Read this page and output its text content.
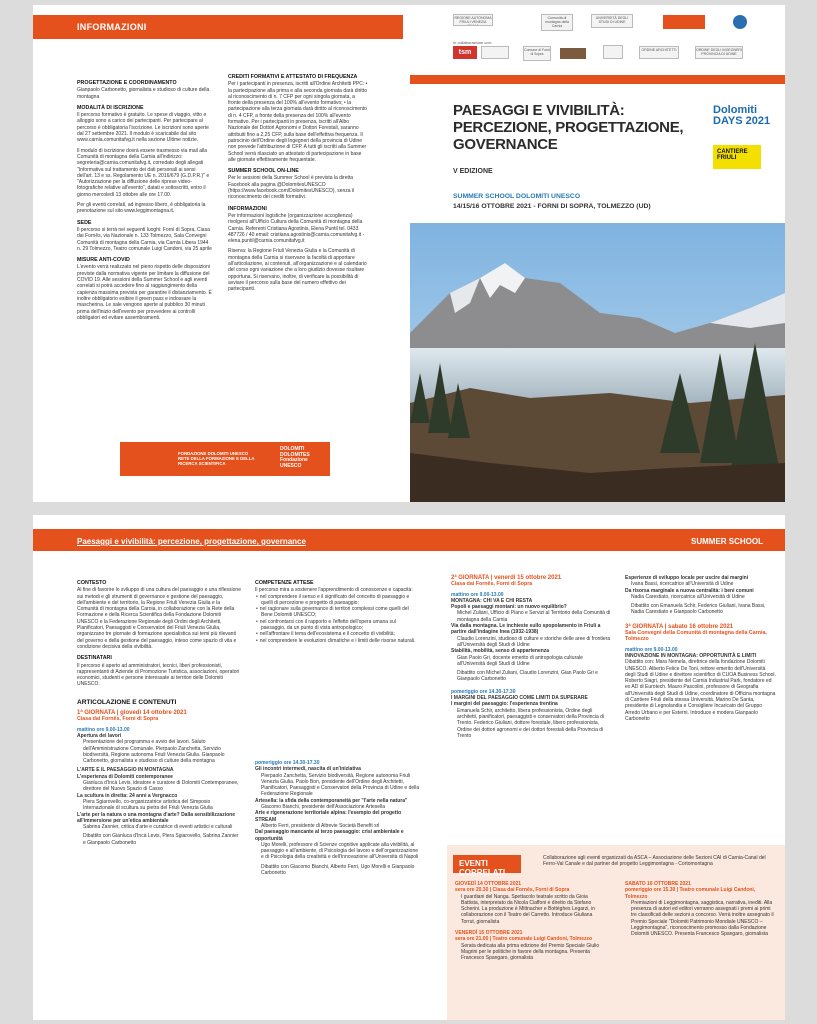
INFORMAZIONI
PROGETTAZIONE E COORDINAMENTO
Gianpaolo Carbonetto, giornalista e studioso di culture della montagna
MODALITÀ DI ISCRIZIONE
Il percorso formativo è gratuito. Le spese di viaggio, vitto e alloggio sono a carico dei partecipanti. Per partecipare al percorso è obbligatoria l'iscrizione. Le iscrizioni sono aperte dal 27 settembre 2021. Il modulo è scaricabile dal sito www.carnia.comunitafvg.it nella sezione Ultime notizie.
Il modulo di iscrizione dovrà essere trasmesso via mail alla Comunità di montagna della Carnia all'indirizzo: segreteria@carnia.comunitafvg.it, corredato degli allegati "Informativa sul trattamento dei dati personali ai sensi dell'art. 13 e ss. Regolamento UE n. 2016/679 (G.D.P.R.)" e "Autorizzazione per la diffusione delle riprese video-fotografiche relative all'evento", datati e sottoscritti, entro il giorno mercoledì 13 ottobre alle ore 17.00.
Per gli eventi correlati, ad ingresso libero, è obbligatoria la prenotazione sul sito www.leggimontagna.it.
SEDE
Il percorso si terrà nei seguenti luoghi: Forni di Sopra, Ciasa dai Fornês, via Nazionale n. 133 Tolmezzo, Sala Convegni Comunità di montagna della Carnia, via Carnia Libera 1944 n. 29 Tolmezzo, Teatro comunale Luigi Candoni, via 25 aprile
MISURE ANTI-COVID
L'evento verrà realizzato nel pieno rispetto delle disposizioni previste dalla normativa vigente per limitare la diffusione del COVID 19. Alle sessioni della Summer School e agli eventi correlati si potrà accedere fino al raggiungimento della capienza massima prevista per garantire il distanziamento. È inoltre obbligatorio esibire il green pass e indossare la mascherina. Le sale vengono aperte al pubblico 30 minuti prima dell'inizio dell'evento per provvedere ai controlli obbligatori ed evitare assembramenti.
CREDITI FORMATIVI E ATTESTATO DI FREQUENZA
Per i partecipanti in presenza, iscritti all'Ordine Architetti PPC: • la partecipazione alla prima e alla seconda giornata darà diritto al riconoscimento di n. 7 CFP per ogni singola giornata, a fronte della presenza del 100% all'evento formativo; • la partecipazione alla terza giornata darà diritto al riconoscimento di n. 4 CFP, a fronte della presenza del 100% all'evento formativo. Per i partecipanti in presenza, iscritti all'Albo Nazionale dei Dottori Agronomi e Dottori Forestali, saranno attribuiti fino a 2,25 CFP, sulla base dell'effettiva frequenza. Il patrocinio dell'Ordine degli Ingegneri della provincia di Udine non prevede l'attribuzione di CFP. A tutti gli iscritti alla Summer School verrà rilasciato un attestato di partecipazione in base alle giornate effettivamente frequentate.
SUMMER SCHOOL ON-LINE
Per le sessioni della Summer School è prevista la diretta Facebook alla pagina @DolomitesUNESCO (https://www.facebook.com/DolomitesUNESCO), senza il riconoscimento dei crediti formativi.
INFORMAZIONI
Per informazioni logistiche (organizzazione accoglienza) rivolgersi all'Ufficio Cultura della Comunità di montagna della Carnia. Referenti Cristiana Agostinis, Elena Puntil tel. 0433 487726 / 40 email: cristiana.agostinis@carnia.comunitafvg.it - elena.puntil@carnia.comunitafvg.it
Riserva: la Regione Friuli Venezia Giulia e la Comunità di montagna della Carnia si riservano la facoltà di apportare all'articolazione, ai contenuti, all'organizzazione e al calendario del corso ogni variazione che a loro giudizio dovesse risultare opportuna. Si riservano, inoltre, di verificare la possibilità di avviare il percorso sulla base del numero effettivo dei partecipanti.
FONDAZIONE DOLOMITI UNESCO RETE DELLA FORMAZIONE E DELLA RICERCA SCIENTIFICA
DOLOMITI DOLOMITES Fondazione UNESCO
REGIONE AUTONOMA FRIULI VENEZIA GIULIA
Comunità di montagna della Carnia
UNIVERSITÀ DEGLI STUDI DI UDINE
In collaborazione con:
tsm	Comune di Forni di Sopra
ORDINE ARCHITETTI	ORDINE DEGLI INGEGNERI PROVINCIA DI UDINE
PAESAGGI E VIVIBILITÀ: PERCEZIONE, PROGETTAZIONE, GOVERNANCE
V EDIZIONE
SUMMER SCHOOL DOLOMITI UNESCO
14/15/16 OTTOBRE 2021 - FORNI DI SOPRA, TOLMEZZO (UD)
Dolomiti DAYS 2021
CANTIERE FRIULI
Paesaggi e vivibilità: percezione, progettazione, governance	SUMMER SCHOOL
CONTESTO
Al fine di favorire lo sviluppo di una cultura del paesaggio e una riflessione sui metodi e gli strumenti di governance e gestione del paesaggio, dell'ambiente e del territorio, la Regione Friuli Venezia Giulia e la Comunità di montagna della Carnia, in collaborazione con la Rete della Formazione e della Ricerca Scientifica della Fondazione Dolomiti UNESCO e la Federazione Regionale degli Ordini degli Architetti, Pianificatori, Paesaggisti e Conservatori del Friuli Venezia Giulia, organizzano tre giornate di formazione specialistica sui temi più rilevanti del governo e della gestione del paesaggio, inteso come spazio di vita e condizione decisiva della vivibilità.
DESTINATARI
Il percorso è aperto ad amministratori, tecnici, liberi professionisti, rappresentanti di Aziende di Promozione Turistica, associazioni, operatori economici, studenti e persone interessate ai territori delle Dolomiti UNESCO.
ARTICOLAZIONE E CONTENUTI
1ª GIORNATA | giovedì 14 ottobre 2021
Ciasa dai Fornês, Forni di Sopra
mattino ore 9.00-13.00
Apertura dei lavori
Presentazione del programma e avvio dei lavori. Saluto dell'Amministrazione Comunale. Pierpaolo Zanchetta, Servizio biodiversità, Regione autonoma Friuli Venezia Giulia. Gianpaolo Carbonetto, giornalista e studioso di culture della montagna
L'ARTE E IL PAESAGGIO IN MONTAGNA
L'esperienza di Dolomiti contemporanee
Gianluca d'Incà Levis, ideatore e curatore di Dolomiti Contemporanee, direttore del Nuovo Spazio di Casso
La scultura in diretta: 24 anni a Vergnacco
Piera Sgiarovello, co-organizzatrice artistica del Simposio Internazionale di scultura su pietra del Friuli Venezia Giulia
L'arte per la natura o una montagna d'arte? Dalla sensibilizzazione all'immersione per un'etica ambientale
Sabrina Zannier, critica d'arte e curatrice di eventi artistici e culturali
Dibattito con Gianluca d'Incà Levis, Piera Sgiarovello, Sabrina Zannier e Gianpaolo Carbonetto
COMPETENZE ATTESE
Il percorso mira a sostenere l'apprendimento di conoscenze e capacità:
• nel comprendere il senso e il significato del concetto di paesaggio e quelli di percezione e progetto di paesaggio;
• nel ragionare sulla governance di territori complessi come quelli del Bene Dolomiti UNESCO;
• nel confrontarsi con il rapporto e l'effetto dell'opera umana sul paesaggio, da un punto di vista antropologico;
• nell'affrontare il tema dell'ecosistema e il concetto di vivibilità;
• nel comprendere le evoluzioni climatiche e i limiti delle risorse naturali.
pomeriggio ore 14.30-17.30
Gli incontri intermedi, nascita di un'iniziativa
Pierpaolo Zanchetta, Servizio biodiversità, Regione autonoma Friuli Venezia Giulia. Paolo Bon, presidente dell'Ordine degli Architetti, Pianificatori, Paesaggisti e Conservatori della Provincia di Udine e della Federazione Regionale
Artesella: la sfida della contemporaneità per "l'arte nella natura"
Giacomo Bianchi, presidente dell'Associazione Artesella
Arte e rigenerazione territoriale alpina: l'esempio del progetto STREAM
Alberto Ferri, presidente di Altrevie Società Benefit srl
Dal paesaggio mancante al terzo paesaggio: crisi ambientale e opportunità
Ugo Morelli, professore di Scienze cognitive applicate alla vivibilità, al paesaggio e all'ambiente, di Psicologia del lavoro e dell'organizzazione e di Psicologia della creatività e dell'Innovazione all'Università di Napoli
Dibattito con Giacomo Bianchi, Alberto Ferri, Ugo Morelli e Gianpaolo Carbonetto
2ª GIORNATA | venerdì 15 ottobre 2021
Ciasa dai Fornês, Forni di Sopra
mattino ore 9.00-13.00
MONTAGNA: CHI VA E CHI RESTA
Popoli e paesaggi montani: un nuovo equilibrio?
Michel Zuliani, Ufficio di Piano e Servizi al Territorio della Comunità di montagna della Carnia
Via dalla montagna. Le inchieste sullo spopolamento in Friuli a partire dall'indagine Inea (1932-1938)
Claudio Lorenzini, studioso di culture e storiche delle aree di frontiera all'Università degli Studi di Udine
Stabilità, mobilità, senso di appartenenza
Gian Paolo Gri, docente emerito di antropologia culturale all'Università degli Studi di Udine
Dibattito con Michel Zuliani, Claudio Lorenzini, Gian Paolo Gri e Gianpaolo Carbonetto
pomeriggio ore 14.30-17.30
I MARGINI DEL PAESAGGIO COME LIMITI DA SUPERARE
I margini del paesaggio: l'esperienza trentina
Emanuela Schir, architetto, libera professionista, Ordine degli architetti, pianificatori, paesaggisti e conservatori della Provincia di Trento. Federico Giuliani, dottore forestale, libero professionista, Ordine dei dottori agronomi e dei dottori forestali della Provincia di Trento
Esperienze di sviluppo locale per uscire dai margini
Ivana Bassi, ricercatrice all'Università di Udine
Da risorsa marginale a nuova centralità: i beni comuni
Nadia Carestiato, ricercatrice all'Università di Udine
Dibattito con Emanuela Schir, Federico Giuliani, Ivana Bassi, Nadia Carestiato e Gianpaolo Carbonetto
3ª GIORNATA | sabato 16 ottobre 2021
Sala Convegni della Comunità di montagna della Carnia, Tolmezzo
mattino ore 9.00-13.00
INNOVAZIONE IN MONTAGNA: OPPORTUNITÀ E LIMITI
Dibattito con: Mara Nemela, direttrice della fondazione Dolomiti UNESCO. Alberto Felice De Toni, rettore emerito dell'Università degli Studi di Udine e direttore scientifico di CUOA Business School. Roberto Siagri, presidente del Carnia Industrial Park, fondatore ed ex AD di Eurotech. Mauro Pascolini, professore di Geografia all'Università degli Studi di Udine, coordinatore di Officina montagna di Cantiere Friuli della stessa Università. Marino De Santa, presidente di Legnolandia e Consigliere Incaricato del Gruppo Arredo Urbano e per Esterni. Introduce e modera Gianpaolo Carbonetto
EVENTI CORRELATI
Collaborazione agli eventi organizzati da ASCA – Associazione delle Sezioni CAI di Carnia-Canal del Ferro-Val Canale e dal partner del progetto Leggimontagna - Cortomontagna
GIOVEDÌ 14 OTTOBRE 2021
sera ore 20.30 | Ciasa dai Fornês, Forni di Sopra
I guardiani del Nanga. Spettacolo teatrale scritto da Gioia Battista, interpretato da Nicola Ciaffoni e diretto da Stefano Scherini. La produzione è Mittnacher e Bottéghes Legarzi, in collaborazione con il Teatro del Carretto. Introduce Giuliana Torrut, giornalista
VENERDÌ 15 OTTOBRE 2021
sera ore 21.00 | Teatro comunale Luigi Candoni, Tolmezzo
Serata dedicata alla prima edizione del Premio Speciale Giulio Magrini per le politiche in favore della montagna. Presenta Francesco Spangaro, giornalista
SABATO 16 OTTOBRE 2021
pomeriggio ore 15.30 | Teatro comunale Luigi Candoni, Tolmezzo
Premiazioni di Leggimontagna, saggistica, narrativa, inediti. Alla presenza di autori ed editori verranno assegnati i premi ai primi tre classificati delle sezioni a concorso. Verrà inoltre assegnato il Premio Speciale "Dolomiti Patrimonio Mondiale UNESCO – Leggimontagna", riconoscimento promosso dalla Fondazione Dolomiti UNESCO. Presenta Francesco Spangaro, giornalista
